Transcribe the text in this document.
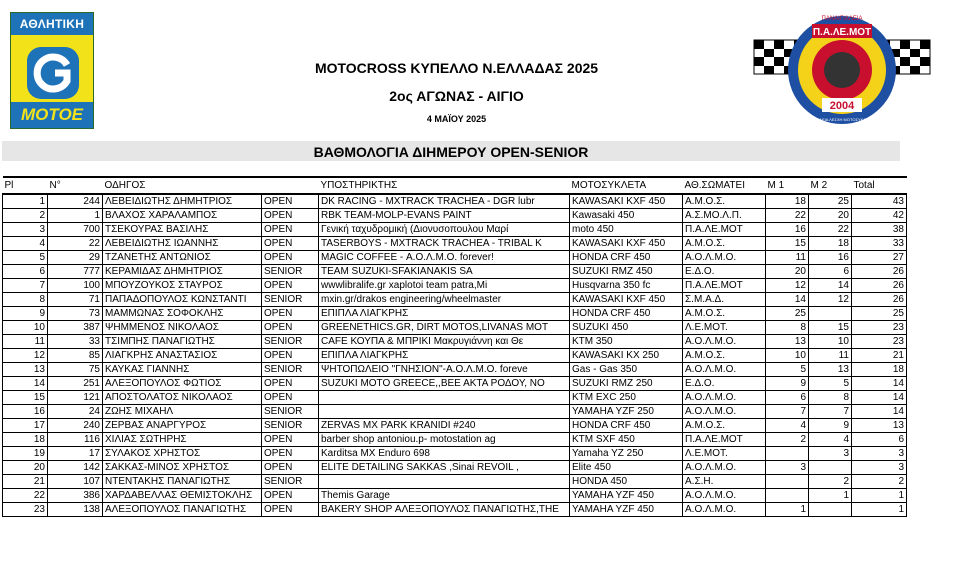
ΑΘΛΗΤΙΚΗ
ΜΟΤΟΕ
ΠΑΝΑΙΓΙΑΛΕΙΑ
Π.Α.ΛΕ.ΜΟΤ
2004
ΠΑΝΑΙΓΙΑΛΕΙΑ ΛΕΣΧΗ ΜΟΤΟΣΥΚΛΕΤΙΣΤΩΝ
MOTOCROSS ΚΥΠΕΛΛΟ Ν.ΕΛΛΑΔΑΣ 2025
2ος ΑΓΩΝΑΣ - ΑΙΓΙΟ
4 ΜΑΪΟΥ 2025
ΒΑΘΜΟΛΟΓΙΑ ΔΙΗΜΕΡΟΥ OPEN-SENIOR
Pl	N°	ΟΔΗΓΟΣ		ΥΠΟΣΤΗΡΙΚΤΗΣ	ΜΟΤΟΣΥΚΛΕΤΑ	ΑΘ.ΣΩΜΑΤΕΙ	M 1	M 2	Total
1	244	ΛΕΒΕΙΔΙΩΤΗΣ ΔΗΜΗΤΡΙΟΣ	OPEN	DK RACING - MXTRACK TRACHEA - DGR lubr	KAWASAKI KXF 450	Α.Μ.Ο.Σ.	18	25	43
2	1	ΒΛΑΧΟΣ ΧΑΡΑΛΑΜΠΟΣ	OPEN	RBK TEAM-MOLP-EVANS PAINT	Kawasaki 450	Α.Σ.ΜΟ.Λ.Π.	22	20	42
3	700	ΤΣΕΚΟΥΡΑΣ ΒΑΣΙΛΗΣ	OPEN	Γενική ταχυδρομική (Διονυσοπουλου Μαρί	moto 450	Π.Α.ΛΕ.ΜΟΤ	16	22	38
4	22	ΛΕΒΕΙΔΙΩΤΗΣ ΙΩΑΝΝΗΣ	OPEN	TASERBOYS - MXTRACK TRACHEA - TRIBAL K	KAWASAKI KXF 450	Α.Μ.Ο.Σ.	15	18	33
5	29	ΤΖΑΝΕΤΗΣ ΑΝΤΩΝΙΟΣ	OPEN	MAGIC COFFEE - Α.Ο.Λ.Μ.Ο. forever!	HONDA CRF 450	Α.Ο.Λ.Μ.Ο.	11	16	27
6	777	ΚΕΡΑΜΙΔΑΣ ΔΗΜΗΤΡΙΟΣ	SENIOR	TEAM SUZUKI-SFAKIANAKIS SA	SUZUKI RMZ 450	Ε.Δ.Ο.	20	6	26
7	100	ΜΠΟΥΖΟΥΚΟΣ ΣΤΑΥΡΟΣ	OPEN	wwwlibralife.gr xaplotoi team patra,Mi	Husqvarna 350 fc	Π.Α.ΛΕ.ΜΟΤ	12	14	26
8	71	ΠΑΠΑΔΟΠΟΥΛΟΣ ΚΩΝΣΤΑΝΤΙ	SENIOR	mxin.gr/drakos engineering/wheelmaster	KAWASAKI KXF 450	Σ.Μ.Α.Δ.	14	12	26
9	73	ΜΑΜΜΩΝΑΣ ΣΟΦΟΚΛΗΣ	OPEN	ΕΠΙΠΛΑ ΛΙΑΓΚΡΗΣ	HONDA CRF 450	Α.Μ.Ο.Σ.	25		25
10	387	ΨΗΜΜΕΝΟΣ ΝΙΚΟΛΑΟΣ	OPEN	GREENETHICS.GR, DIRT MOTOS,LIVANAS MOT	SUZUKI 450	Λ.Ε.ΜΟΤ.	8	15	23
11	33	ΤΣΙΜΠΗΣ ΠΑΝΑΓΙΩΤΗΣ	SENIOR	CAFE ΚΟΥΠΑ & ΜΠΡΙΚΙ Μακρυγιάννη και Θε	KTM 350	Α.Ο.Λ.Μ.Ο.	13	10	23
12	85	ΛΙΑΓΚΡΗΣ ΑΝΑΣΤΑΣΙΟΣ	OPEN	ΕΠΙΠΛΑ ΛΙΑΓΚΡΗΣ	KAWASAKI KX 250	Α.Μ.Ο.Σ.	10	11	21
13	75	ΚΑΥΚΑΣ ΓΙΑΝΝΗΣ	SENIOR	ΨΗΤΟΠΩΛΕΙΟ "ΓΝΗΣΙΟΝ"-Α.Ο.Λ.Μ.Ο. foreve	Gas - Gas 350	Α.Ο.Λ.Μ.Ο.	5	13	18
14	251	ΑΛΕΞΟΠΟΥΛΟΣ ΦΩΤΙΟΣ	OPEN	SUZUKI MOTO GREECE,,ΒΕΕ ΑΚΤΑ ΡΟΔΟΥ, ΝΟ	SUZUKI RMZ 250	Ε.Δ.Ο.	9	5	14
15	121	ΑΠΟΣΤΟΛΑΤΟΣ ΝΙΚΟΛΑΟΣ	OPEN		KTM EXC 250	Α.Ο.Λ.Μ.Ο.	6	8	14
16	24	ΖΩΗΣ ΜΙΧΑΗΛ	SENIOR		YAMAHA YZF 250	Α.Ο.Λ.Μ.Ο.	7	7	14
17	240	ΖΕΡΒΑΣ ΑΝΑΡΓΥΡΟΣ	SENIOR	ZERVAS MX PARK KRANIDI #240	HONDA CRF 450	Α.Μ.Ο.Σ.	4	9	13
18	116	ΧΙΛΙΑΣ ΣΩΤΗΡΗΣ	OPEN	barber shop antoniou.p- motostation ag	KTM SXF 450	Π.Α.ΛΕ.ΜΟΤ	2	4	6
19	17	ΣΥΛΑΚΟΣ ΧΡΗΣΤΟΣ	OPEN	Karditsa MX Enduro 698	Yamaha YZ 250	Λ.Ε.ΜΟΤ.		3	3
20	142	ΣΑΚΚΑΣ-ΜΙΝΟΣ ΧΡΗΣΤΟΣ	OPEN	ELITE DETAILING SAKKAS ,Sinai REVOIL ,	Elite 450	Α.Ο.Λ.Μ.Ο.	3		3
21	107	ΝΤΕΝΤΑΚΗΣ ΠΑΝΑΓΙΩΤΗΣ	SENIOR		HONDA 450	Α.Σ.Η.		2	2
22	386	ΧΑΡΔΑΒΕΛΛΑΣ ΘΕΜΙΣΤΟΚΛΗΣ	OPEN	Themis Garage	YAMAHA YZF 450	Α.Ο.Λ.Μ.Ο.		1	1
23	138	ΑΛΕΞΟΠΟΥΛΟΣ ΠΑΝΑΓΙΩΤΗΣ	OPEN	BAKERY SHOP ΑΛΕΞΟΠΟΥΛΟΣ ΠΑΝΑΓΙΩΤΗΣ,THE	YAMAHA YZF 450	Α.Ο.Λ.Μ.Ο.	1		1
